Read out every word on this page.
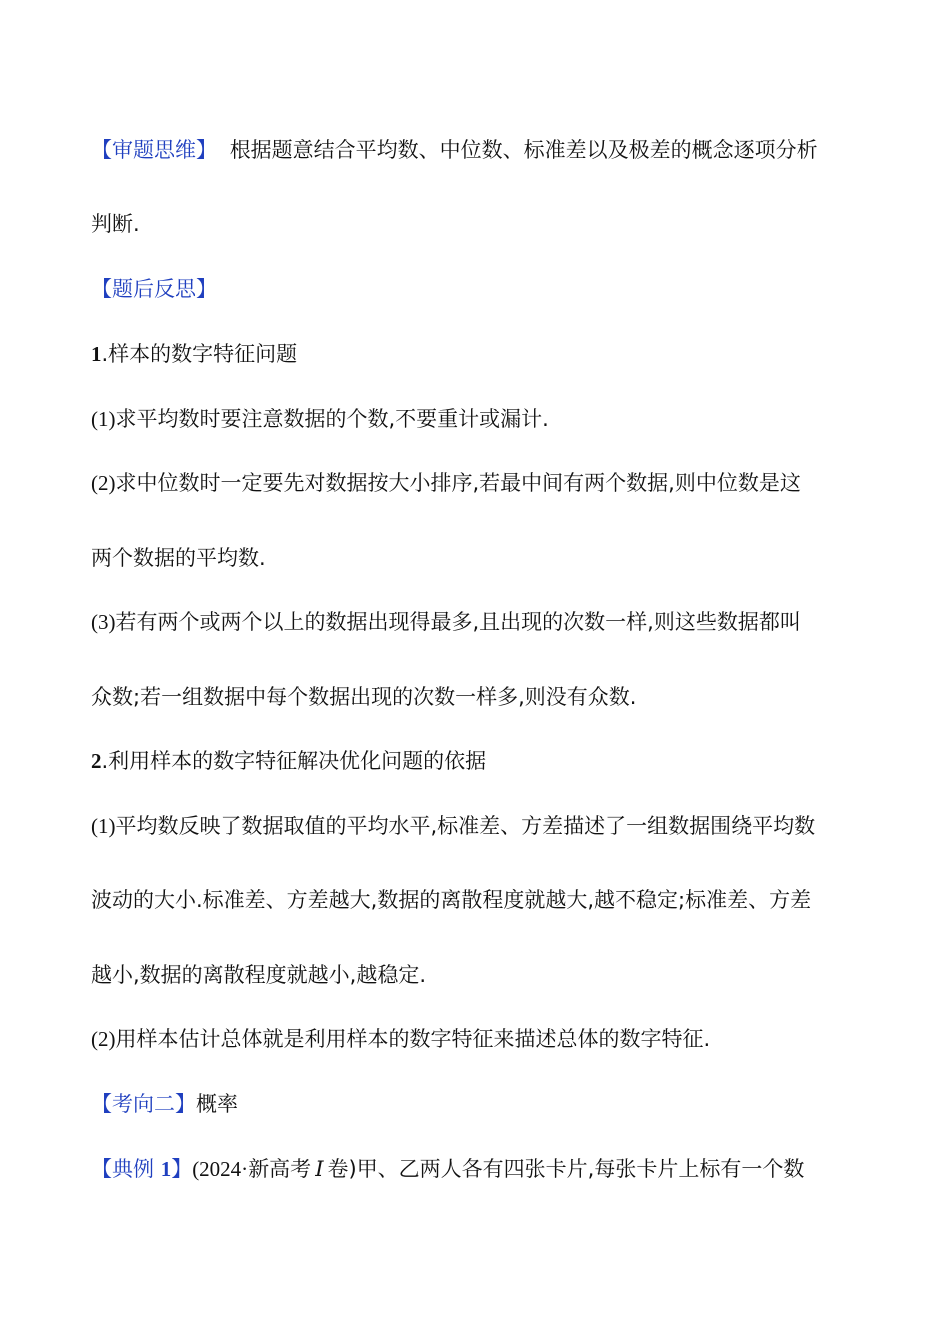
【审题思维】 根据题意结合平均数、中位数、标准差以及极差的概念逐项分析
判断.
【题后反思】
1.样本的数字特征问题
(1)求平均数时要注意数据的个数,不要重计或漏计.
(2)求中位数时一定要先对数据按大小排序,若最中间有两个数据,则中位数是这
两个数据的平均数.
(3)若有两个或两个以上的数据出现得最多,且出现的次数一样,则这些数据都叫
众数;若一组数据中每个数据出现的次数一样多,则没有众数.
2.利用样本的数字特征解决优化问题的依据
(1)平均数反映了数据取值的平均水平,标准差、方差描述了一组数据围绕平均数
波动的大小.标准差、方差越大,数据的离散程度就越大,越不稳定;标准差、方差
越小,数据的离散程度就越小,越稳定.
(2)用样本估计总体就是利用样本的数字特征来描述总体的数字特征.
【考向二】概率
【典例 1】(2024·新高考 Ⅰ 卷)甲、乙两人各有四张卡片,每张卡片上标有一个数
